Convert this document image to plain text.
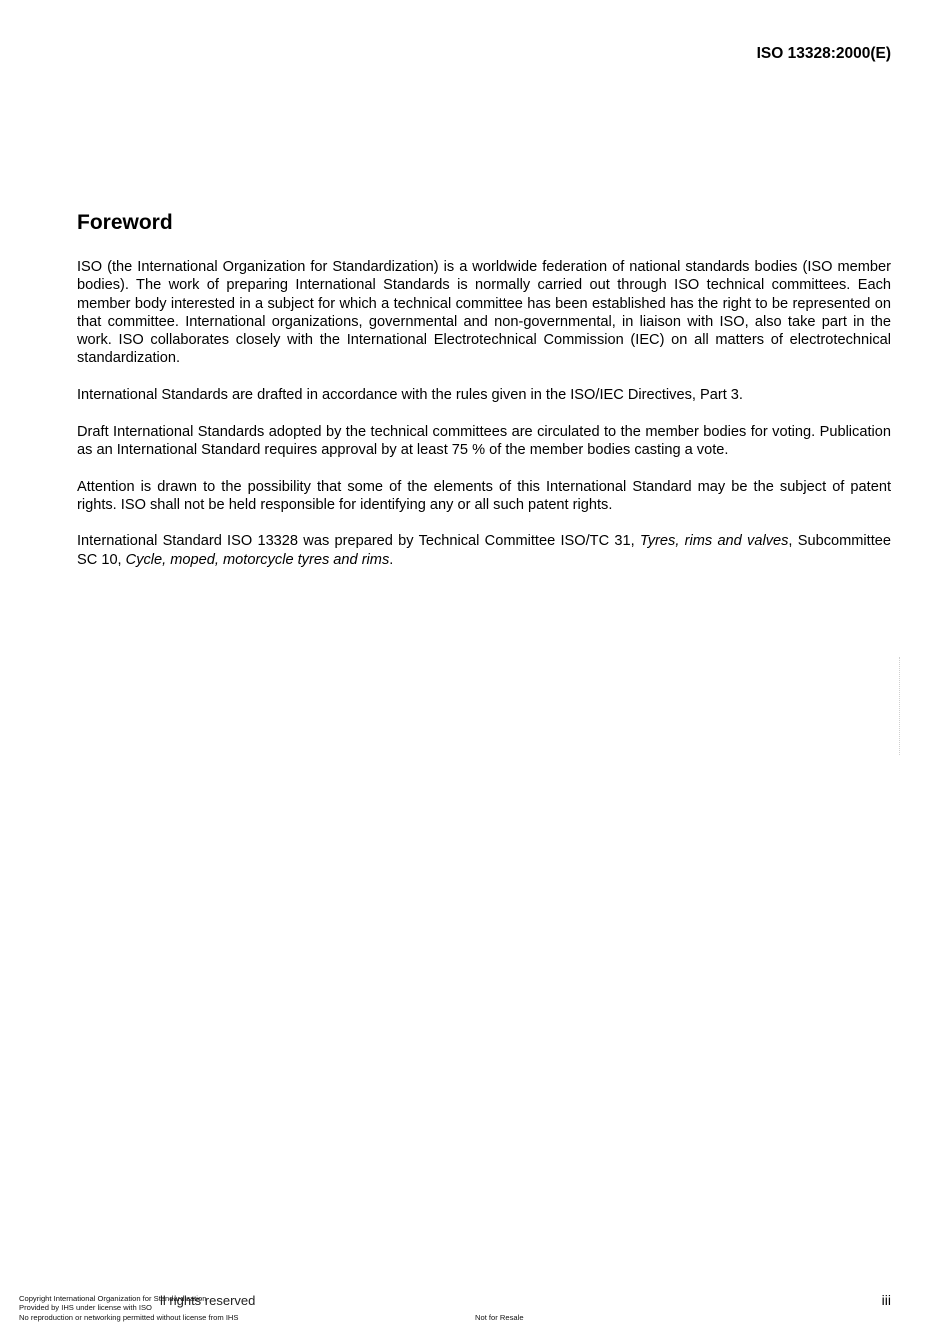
ISO 13328:2000(E)
Foreword

ISO (the International Organization for Standardization) is a worldwide federation of national standards bodies (ISO member bodies). The work of preparing International Standards is normally carried out through ISO technical committees. Each member body interested in a subject for which a technical committee has been established has the right to be represented on that committee. International organizations, governmental and non-governmental, in liaison with ISO, also take part in the work. ISO collaborates closely with the International Electrotechnical Commission (IEC) on all matters of electrotechnical standardization.

International Standards are drafted in accordance with the rules given in the ISO/IEC Directives, Part 3.

Draft International Standards adopted by the technical committees are circulated to the member bodies for voting. Publication as an International Standard requires approval by at least 75 % of the member bodies casting a vote.

Attention is drawn to the possibility that some of the elements of this International Standard may be the subject of patent rights. ISO shall not be held responsible for identifying any or all such patent rights.

International Standard ISO 13328 was prepared by Technical Committee ISO/TC 31, Tyres, rims and valves, Subcommittee SC 10, Cycle, moped, motorcycle tyres and rims.

ll rights reserved
Copyright International Organization for Standardization
Provided by IHS under license with ISO
No reproduction or networking permitted without license from IHS	Not for Resale
iii
